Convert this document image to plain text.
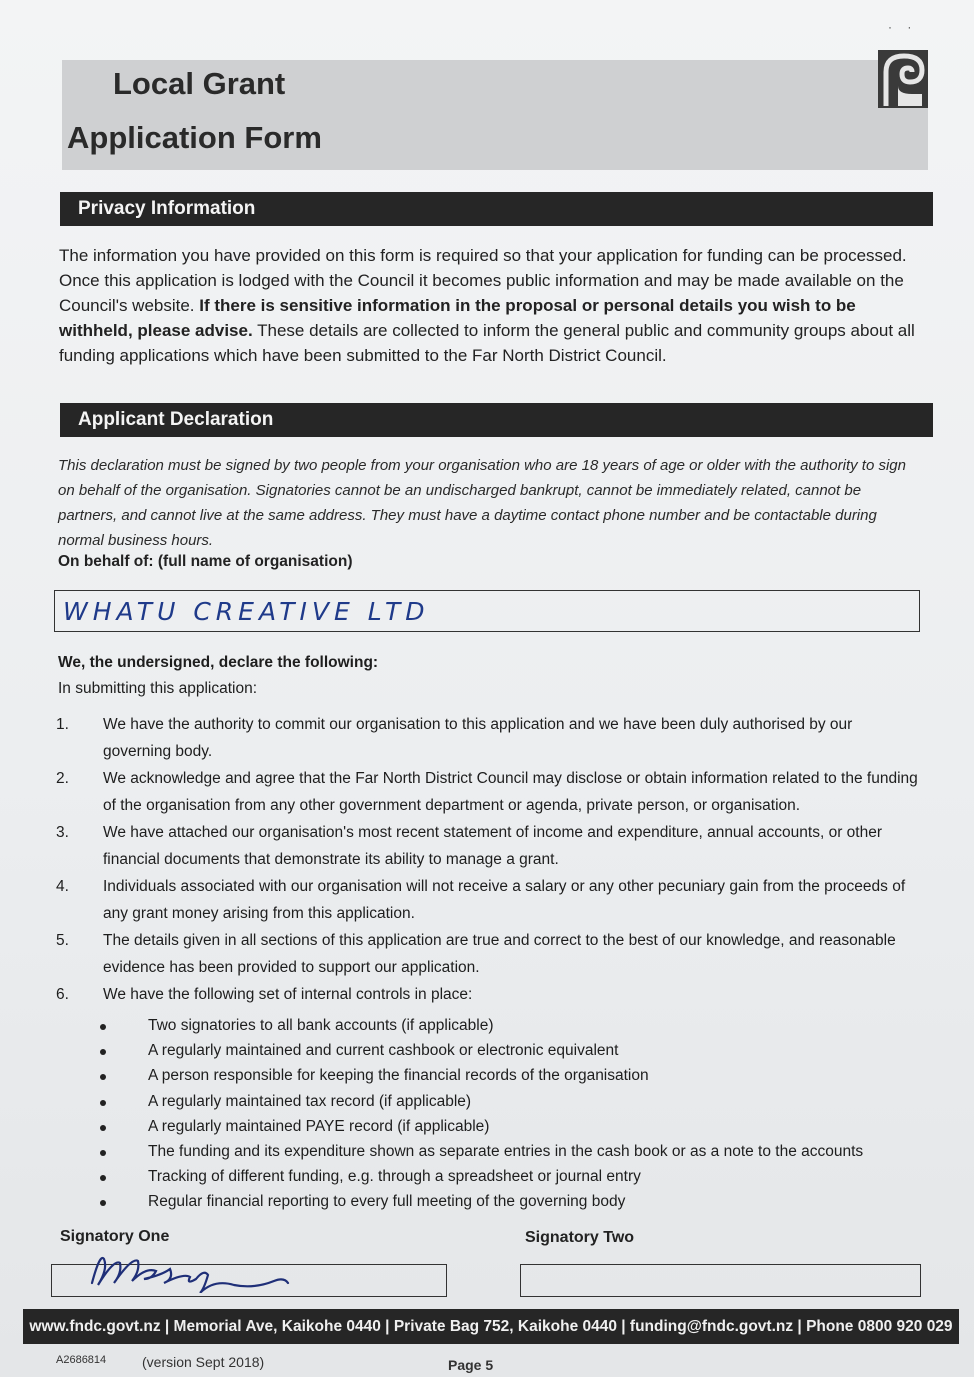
Local Grant
Application Form
· ·
Privacy Information
The information you have provided on this form is required so that your application for funding can be processed. Once this application is lodged with the Council it becomes public information and may be made available on the Council's website. If there is sensitive information in the proposal or personal details you wish to be withheld, please advise. These details are collected to inform the general public and community groups about all funding applications which have been submitted to the Far North District Council.
Applicant Declaration
This declaration must be signed by two people from your organisation who are 18 years of age or older with the authority to sign on behalf of the organisation. Signatories cannot be an undischarged bankrupt, cannot be immediately related, cannot be partners, and cannot live at the same address. They must have a daytime contact phone number and be contactable during normal business hours.
On behalf of: (full name of organisation)
WHATU CREATIVE LTD
We, the undersigned, declare the following:
In submitting this application:
1.	We have the authority to commit our organisation to this application and we have been duly authorised by our governing body.
2.	We acknowledge and agree that the Far North District Council may disclose or obtain information related to the funding of the organisation from any other government department or agenda, private person, or organisation.
3.	We have attached our organisation's most recent statement of income and expenditure, annual accounts, or other financial documents that demonstrate its ability to manage a grant.
4.	Individuals associated with our organisation will not receive a salary or any other pecuniary gain from the proceeds of any grant money arising from this application.
5.	The details given in all sections of this application are true and correct to the best of our knowledge, and reasonable evidence has been provided to support our application.
6.	We have the following set of internal controls in place:
Two signatories to all bank accounts (if applicable)
A regularly maintained and current cashbook or electronic equivalent
A person responsible for keeping the financial records of the organisation
A regularly maintained tax record (if applicable)
A regularly maintained PAYE record (if applicable)
The funding and its expenditure shown as separate entries in the cash book or as a note to the accounts
Tracking of different funding, e.g. through a spreadsheet or journal entry
Regular financial reporting to every full meeting of the governing body
Signatory One	Signatory Two
www.fndc.govt.nz | Memorial Ave, Kaikohe 0440 | Private Bag 752, Kaikohe 0440 | funding@fndc.govt.nz | Phone 0800 920 029
A2686814	(version Sept 2018)	Page 5
